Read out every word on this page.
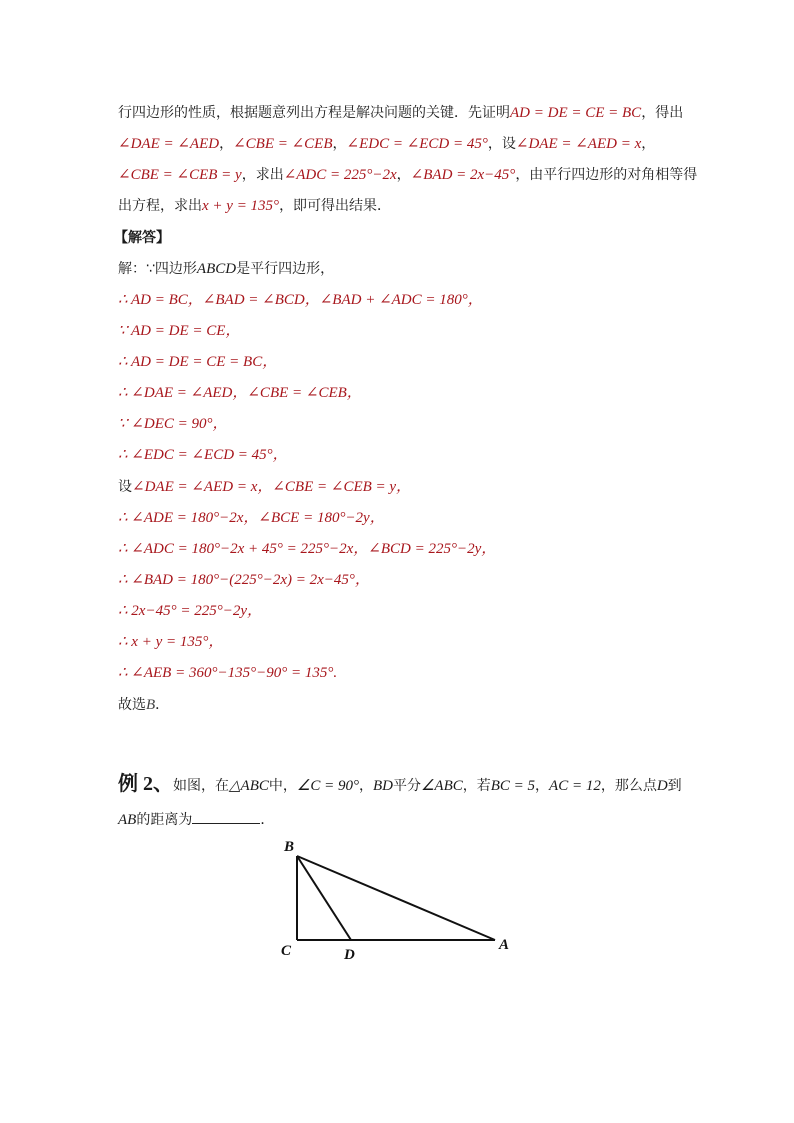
行四边形的性质，根据题意列出方程是解决问题的关键．先证明AD = DE = CE = BC，得出
∠DAE = ∠AED，∠CBE = ∠CEB，∠EDC = ∠ECD = 45°，设∠DAE = ∠AED = x，
∠CBE = ∠CEB = y，求出∠ADC = 225°−2x，∠BAD = 2x−45°，由平行四边形的对角相等得
出方程，求出x + y = 135°，即可得出结果．
【解答】
解：∵四边形ABCD是平行四边形，
∴ AD = BC，∠BAD = ∠BCD，∠BAD + ∠ADC = 180°，
∵ AD = DE = CE，
∴ AD = DE = CE = BC，
∴ ∠DAE = ∠AED，∠CBE = ∠CEB，
∵ ∠DEC = 90°，
∴ ∠EDC = ∠ECD = 45°，
设∠DAE = ∠AED = x，∠CBE = ∠CEB = y，
∴ ∠ADE = 180°−2x，∠BCE = 180°−2y，
∴ ∠ADC = 180°−2x + 45° = 225°−2x，∠BCD = 225°−2y，
∴ ∠BAD = 180°−(225°−2x) = 2x−45°，
∴ 2x−45° = 225°−2y，
∴ x + y = 135°，
∴ ∠AEB = 360°−135°−90° = 135°.
故选B．
例 2、如图，在△ABC中，∠C = 90°，BD平分∠ABC，若BC = 5，AC = 12，那么点D到
AB的距离为	．
B
C	D
A
